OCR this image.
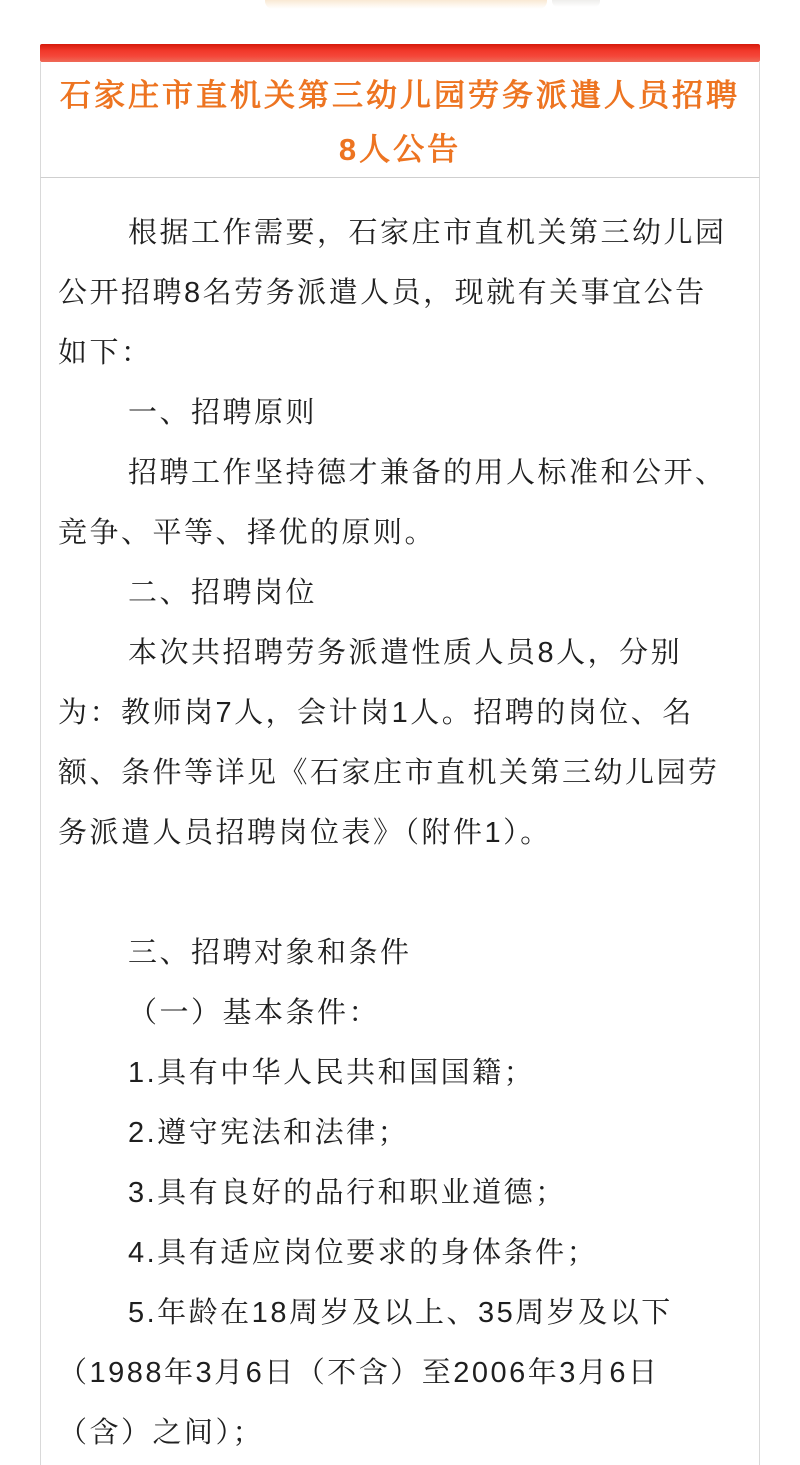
石家庄市直机关第三幼儿园劳务派遣人员招聘
8人公告
根据工作需要，石家庄市直机关第三幼儿园
公开招聘8名劳务派遣人员，现就有关事宜公告
如下：
一、招聘原则
招聘工作坚持德才兼备的用人标准和公开、
竞争、平等、择优的原则。
二、招聘岗位
本次共招聘劳务派遣性质人员8人，分别
为：教师岗7人，会计岗1人。招聘的岗位、名
额、条件等详见《石家庄市直机关第三幼儿园劳
务派遣人员招聘岗位表》（附件1）。
三、招聘对象和条件
（一）基本条件：
1.具有中华人民共和国国籍；
2.遵守宪法和法律；
3.具有良好的品行和职业道德；
4.具有适应岗位要求的身体条件；
5.年龄在18周岁及以上、35周岁及以下
（1988年3月6日（不含）至2006年3月6日
（含）之间）；
